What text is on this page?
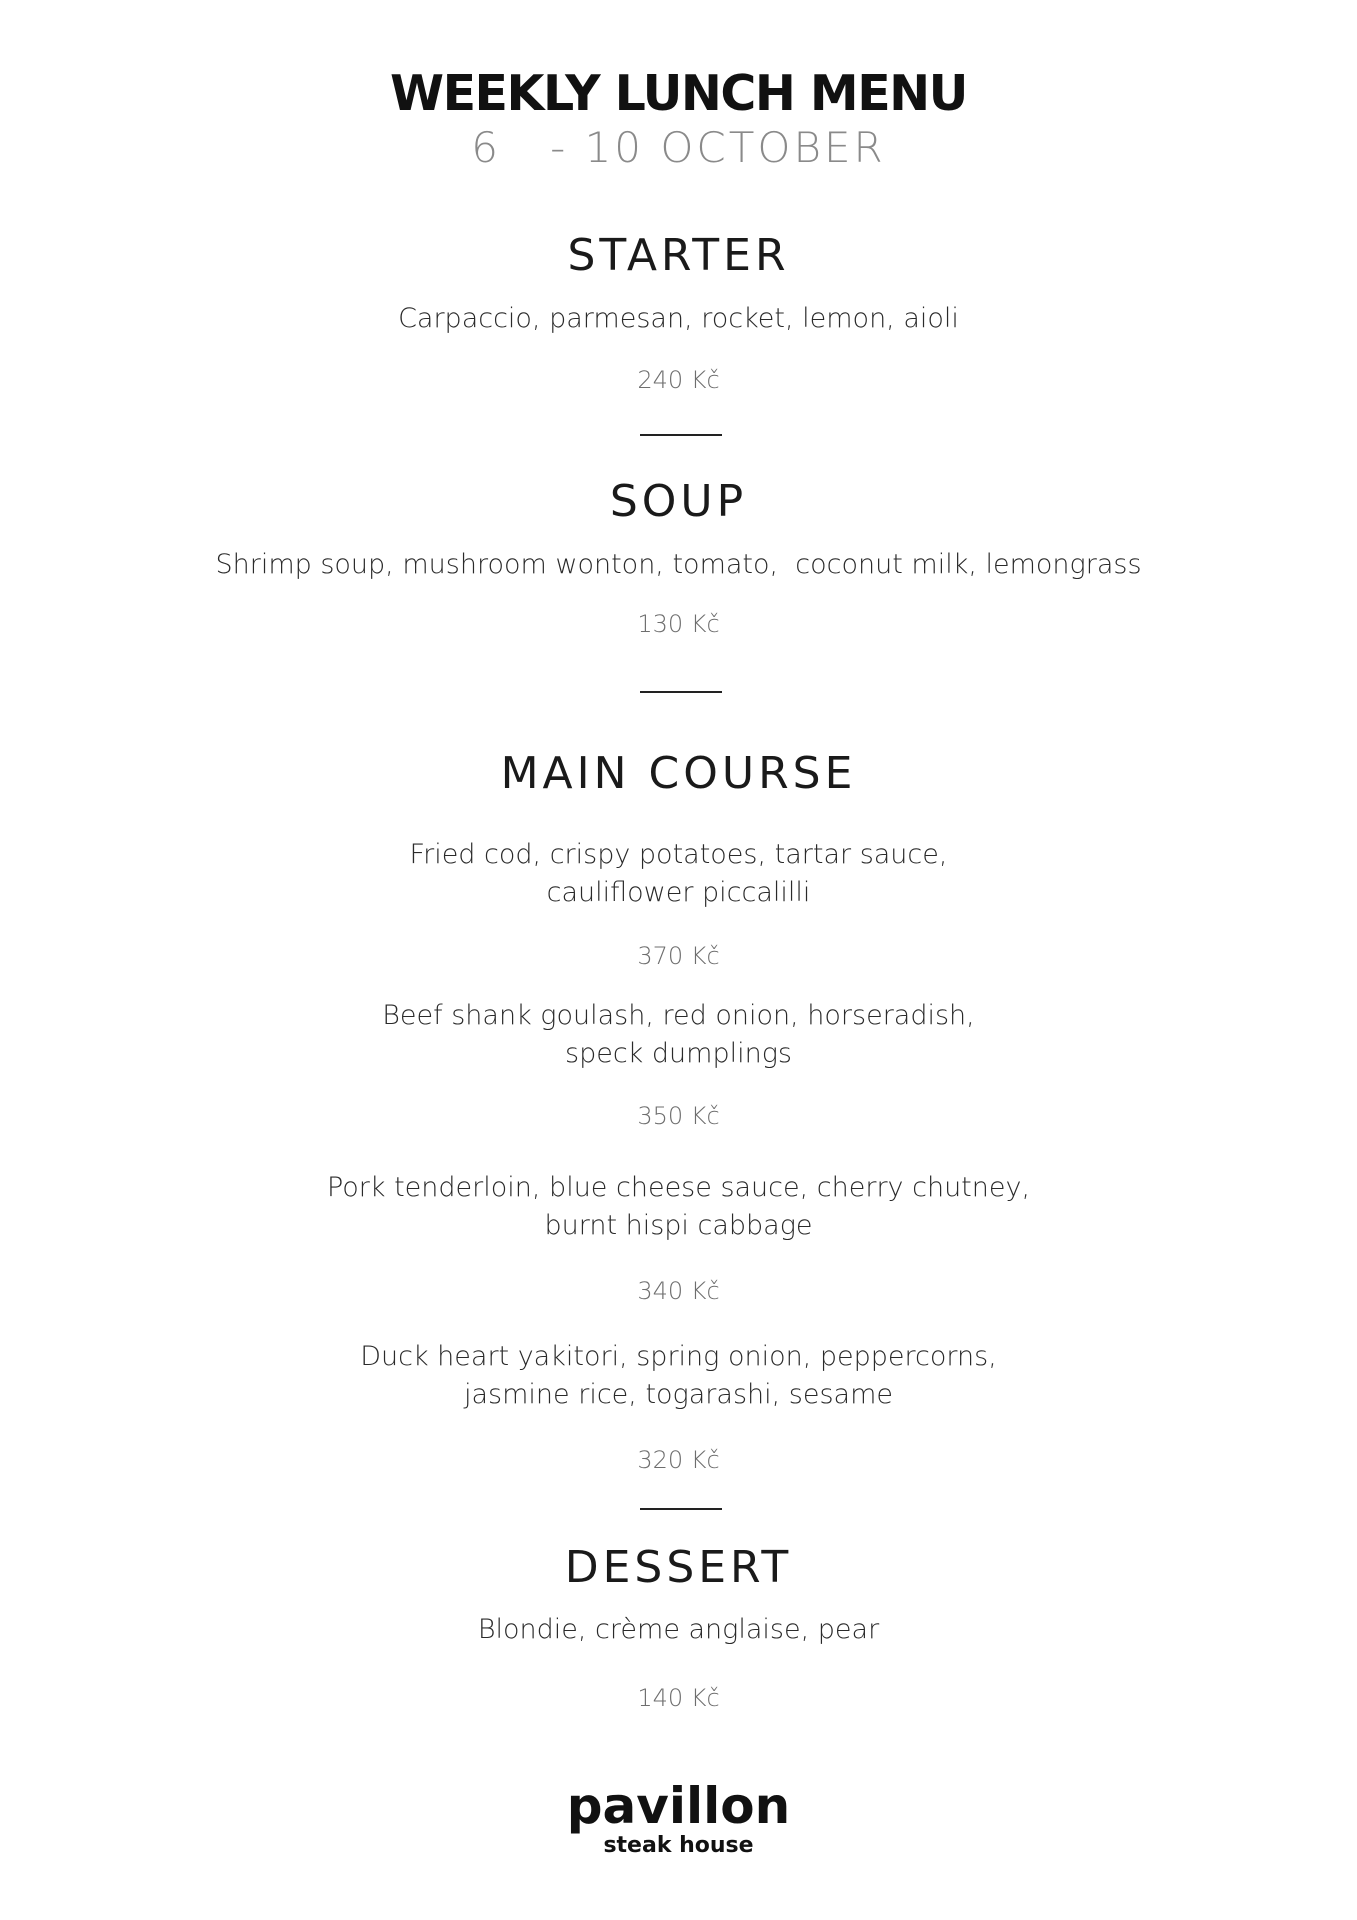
WEEKLY LUNCH MENU
6   - 10 OCTOBER
STARTER
Carpaccio, parmesan, rocket, lemon, aioli
240 Kč
SOUP
Shrimp soup, mushroom wonton, tomato,  coconut milk, lemongrass
130 Kč
MAIN COURSE
Fried cod, crispy potatoes, tartar sauce,
cauliflower piccalilli
370 Kč
Beef shank goulash, red onion, horseradish,
speck dumplings
350 Kč
Pork tenderloin, blue cheese sauce, cherry chutney,
burnt hispi cabbage
340 Kč
Duck heart yakitori, spring onion, peppercorns,
jasmine rice, togarashi, sesame
320 Kč
DESSERT
Blondie, crème anglaise, pear
140 Kč
pavillon
steak house
